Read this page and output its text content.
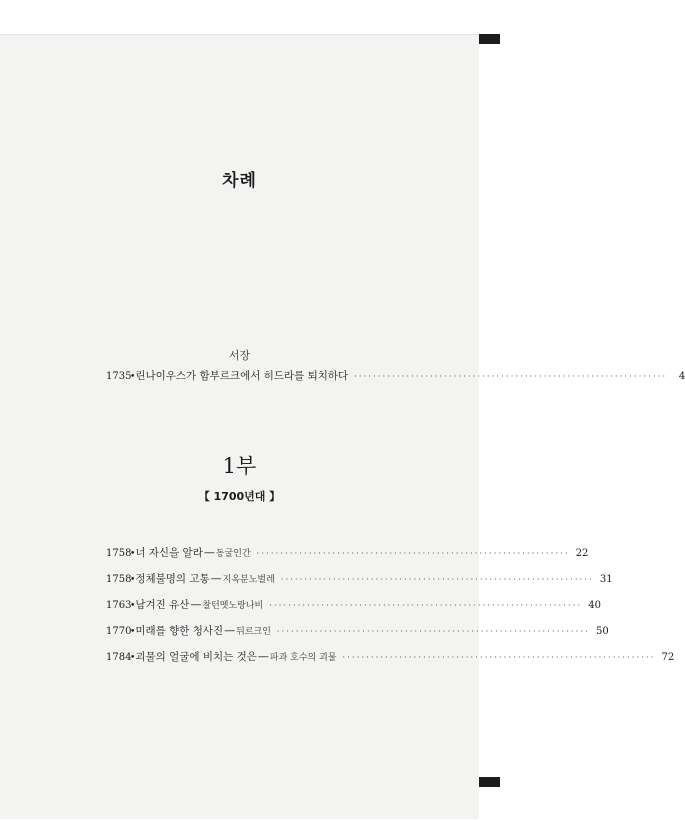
차례
서장
1735
• 린나이우스가 함부르크에서 히드라를 퇴치하다 ··································································	4
1부
【 1700년대 】
1758
• 너 자신을 알라 — 동굴인간 ·································································· 22
1758
• 정체불명의 고통 — 지옥분노벌레 ·································································· 31
1763
• 남겨진 유산 — 찰턴멧노랑나비 ·································································· 40
1770
• 미래를 향한 청사진 — 뒤르크인 ·································································· 50
1784
• 괴물의 얼굴에 비치는 것은 — 파과 호수의 괴물 ·································································· 72
